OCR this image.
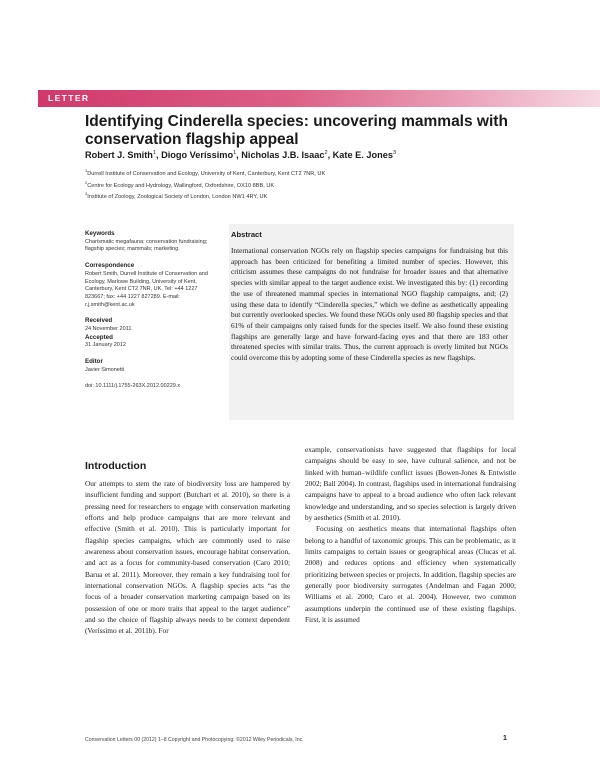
LETTER
Identifying Cinderella species: uncovering mammals with conservation flagship appeal
Robert J. Smith$^1$, Diogo Veríssimo$^1$, Nicholas J.B. Isaac$^2$, Kate E. Jones$^3$
$^1$Durrell Institute of Conservation and Ecology, University of Kent, Canterbury, Kent CT2 7NR, UK
$^2$Centre for Ecology and Hydrology, Wallingford, Oxfordshire, OX10 8BB, UK
$^3$Institute of Zoology, Zoological Society of London, London NW1 4RY, UK
Keywords
Charismatic megafauna; conservation fundraising; flagship species; mammals; marketing.
Correspondence
Robert Smith, Durrell Institute of Conservation and Ecology, Marlowe Building, University of Kent, Canterbury, Kent CT2 7NR, UK. Tel: +44 1227 823667; fax: +44 1227 827289. E-mail: r.j.smith@kent.ac.uk
Received
24 November 2011
Accepted
31 January 2012
Editor
Javier Simonetti
doi: 10.1111/j.1755-263X.2012.00229.x
Abstract

International conservation NGOs rely on flagship species campaigns for fundraising but this approach has been criticized for benefiting a limited number of species. However, this criticism assumes these campaigns do not fundraise for broader issues and that alternative species with similar appeal to the target audience exist. We investigated this by: (1) recording the use of threatened mammal species in international NGO flagship campaigns, and; (2) using these data to identify “Cinderella species,” which we define as aesthetically appealing but currently overlooked species. We found these NGOs only used 80 flagship species and that 61% of their campaigns only raised funds for the species itself. We also found these existing flagships are generally large and have forward-facing eyes and that there are 183 other threatened species with similar traits. Thus, the current approach is overly limited but NGOs could overcome this by adopting some of these Cinderella species as new flagships.

Introduction

Our attempts to stem the rate of biodiversity loss are hampered by insufficient funding and support (Butchart et al. 2010), so there is a pressing need for researchers to engage with conservation marketing efforts and help produce campaigns that are more relevant and effective (Smith et al. 2010). This is particularly important for flagship species campaigns, which are commonly used to raise awareness about conservation issues, encourage habitat conservation, and act as a focus for community-based conservation (Caro 2010; Barua et al. 2011). Moreover, they remain a key fundraising tool for international conservation NGOs. A flagship species acts “as the focus of a broader conservation marketing campaign based on its possession of one or more traits that appeal to the target audience” and so the choice of flagship always needs to be context dependent (Veríssimo et al. 2011b). For

example, conservationists have suggested that flagships for local campaigns should be easy to see, have cultural salience, and not be linked with human–wildlife conflict issues (Bowen-Jones & Entwistle 2002; Ball 2004). In contrast, flagships used in international fundraising campaigns have to appeal to a broad audience who often lack relevant knowledge and understanding, and so species selection is largely driven by aesthetics (Smith et al. 2010).

Focusing on aesthetics means that international flagships often belong to a handful of taxonomic groups. This can be problematic, as it limits campaigns to certain issues or geographical areas (Clucas et al. 2008) and reduces options and efficiency when systematically prioritizing between species or projects. In addition, flagship species are generally poor biodiversity surrogates (Andelman and Fagan 2000; Williams et al. 2000; Caro et al. 2004). However, two common assumptions underpin the continued use of these existing flagships. First, it is assumed

Conservation Letters 00 (2012) 1–8 Copyright and Photocopying: ©2012 Wiley Periodicals, Inc.	1
